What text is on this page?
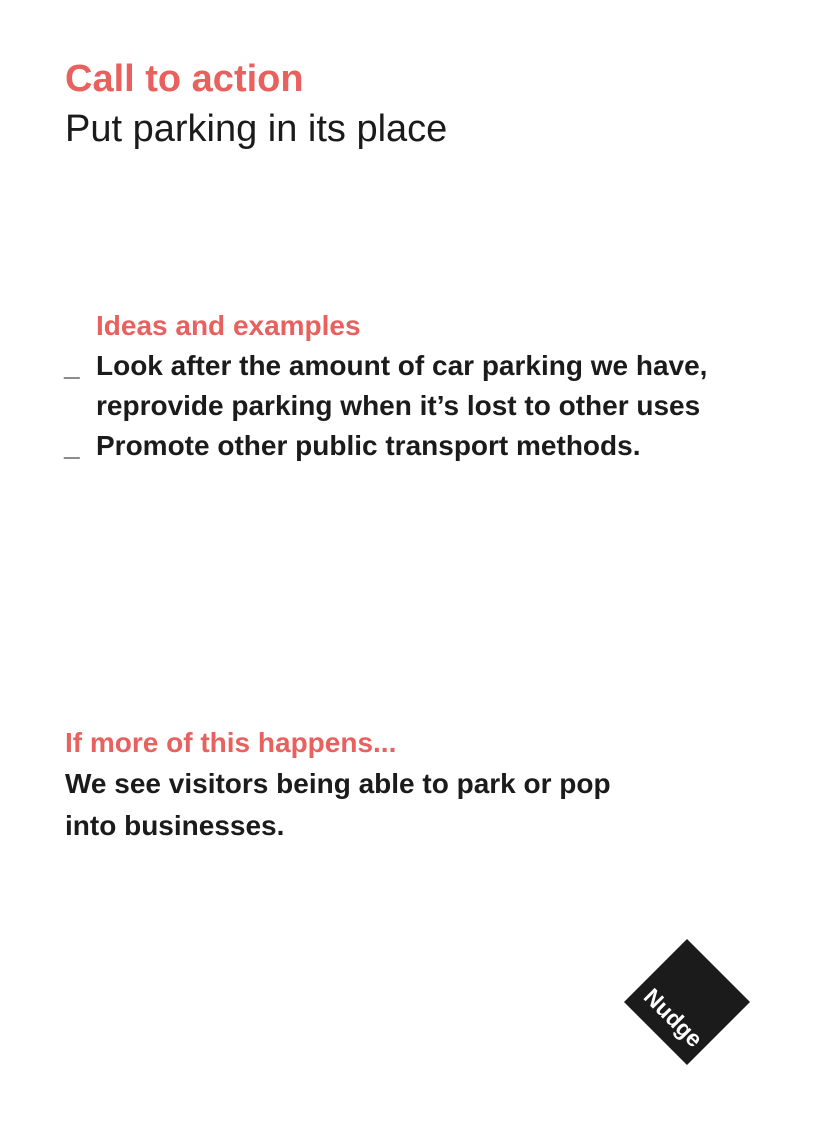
Call to action
Put parking in its place
Ideas and examples
_ Look after the amount of car parking we have, reprovide parking when it’s lost to other uses
_ Promote other public transport methods.
If more of this happens...

We see visitors being able to park or pop into businesses.

Nudge
